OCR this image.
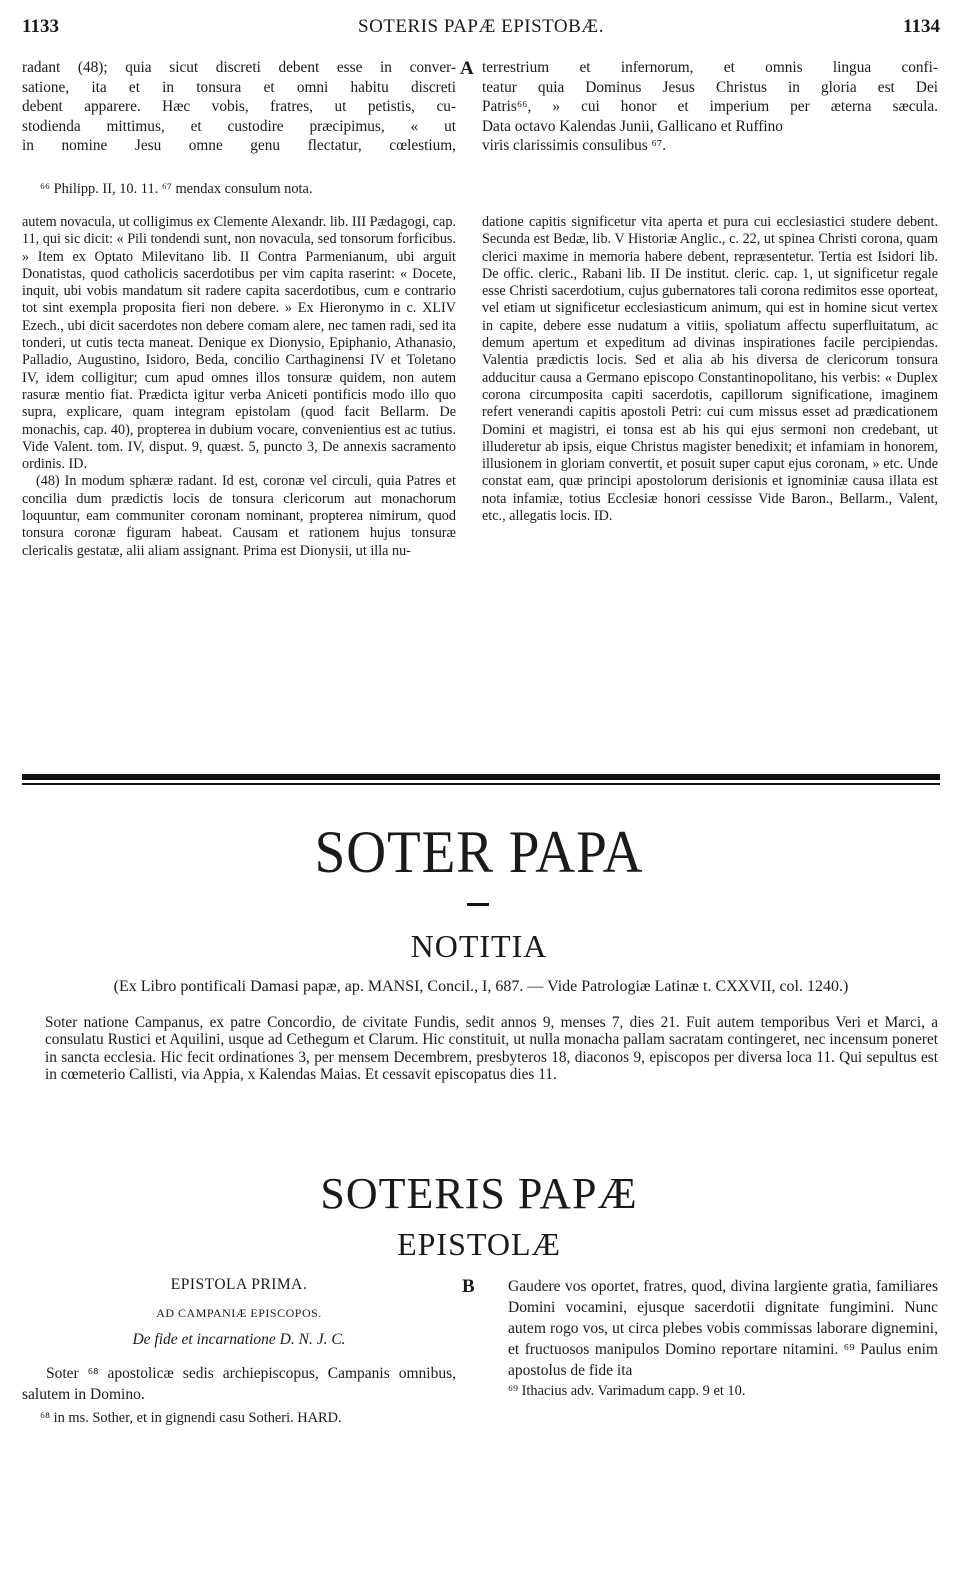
1133	SOTERIS PAPÆ EPISTOBÆ.	1134

radant (48); quia sicut discreti debent esse in conver-

satione, ita et in tonsura et omni habitu discreti

debent apparere. Hæc vobis, fratres, ut petistis, cu-

stodienda mittimus, et custodire præcipimus, « ut

in nomine Jesu omne genu flectatur, cœlestium,

A terrestrium et infernorum, et omnis lingua confi-

teatur quia Dominus Jesus Christus in gloria est Dei

Patris⁶⁶, » cui honor et imperium per æterna sæcula.

Data octavo Kalendas Junii, Gallicano et Ruffino

viris clarissimis consulibus ⁶⁷.

⁶⁶ Philipp. II, 10. 11. ⁶⁷ mendax consulum nota.

autem novacula, ut colligimus ex Clemente Alexandr. lib. III Pædagogi, cap. 11, qui sic dicit: « Pili tondendi sunt, non novacula, sed tonsorum forficibus. » Item ex Optato Milevitano lib. II Contra Parmenianum, ubi arguit Donatistas, quod catholicis sacerdotibus per vim capita raserint: « Docete, inquit, ubi vobis mandatum sit radere capita sacerdotibus, cum e contrario tot sint exempla proposita fieri non debere. » Ex Hieronymo in c. XLIV Ezech., ubi dicit sacerdotes non debere comam alere, nec tamen radi, sed ita tonderi, ut cutis tecta maneat. Denique ex Dionysio, Epiphanio, Athanasio, Palladio, Augustino, Isidoro, Beda, concilio Carthaginensi IV et Toletano IV, idem colligitur; cum apud omnes illos tonsuræ quidem, non autem rasuræ mentio fiat. Prædicta igitur verba Aniceti pontificis modo illo quo supra, explicare, quam integram epistolam (quod facit Bellarm. De monachis, cap. 40), propterea in dubium vocare, convenientius est ac tutius. Vide Valent. tom. IV, disput. 9, quæst. 5, puncto 3, De annexis sacramento ordinis. ID.

(48) In modum sphæræ radant. Id est, coronæ vel circuli, quia Patres et concilia dum prædictis locis de tonsura clericorum aut monachorum loquuntur, eam communiter coronam nominant, propterea nimirum, quod tonsura coronæ figuram habeat. Causam et rationem hujus tonsuræ clericalis gestatæ, alii aliam assignant. Prima est Dionysii, ut illa nu-

datione capitis significetur vita aperta et pura cui ecclesiastici studere debent. Secunda est Bedæ, lib. V Historiæ Anglic., c. 22, ut spinea Christi corona, quam clerici maxime in memoria habere debent, repræsentetur. Tertia est Isidori lib. De offic. cleric., Rabani lib. II De institut. cleric. cap. 1, ut significetur regale esse Christi sacerdotium, cujus gubernatores tali corona redimitos esse oporteat, vel etiam ut significetur ecclesiasticum animum, qui est in homine sicut vertex in capite, debere esse nudatum a vitiis, spoliatum affectu superfluitatum, ac demum apertum et expeditum ad divinas inspirationes facile percipiendas. Valentia prædictis locis. Sed et alia ab his diversa de clericorum tonsura adducitur causa a Germano episcopo Constantinopolitano, his verbis: « Duplex corona circumposita capiti sacerdotis, capillorum significatione, imaginem refert venerandi capitis apostoli Petri: cui cum missus esset ad prædicationem Domini et magistri, ei tonsa est ab his qui ejus sermoni non credebant, ut illuderetur ab ipsis, eique Christus magister benedixit; et infamiam in honorem, illusionem in gloriam convertit, et posuit super caput ejus coronam, » etc. Unde constat eam, quæ principi apostolorum derisionis et ignominiæ causa illata est nota infamiæ, totius Ecclesiæ honori cessisse Vide Baron., Bellarm., Valent, etc., allegatis locis. ID.

SOTER PAPA
NOTITIA
(Ex Libro pontificali Damasi papæ, ap. MANSI, Concil., I, 687. — Vide Patrologiæ Latinæ t. CXXVII, col. 1240.)
Soter natione Campanus, ex patre Concordio, de civitate Fundis, sedit annos 9, menses 7, dies 21. Fuit autem temporibus Veri et Marci, a consulatu Rustici et Aquilini, usque ad Cethegum et Clarum. Hic constituit, ut nulla monacha pallam sacratam contingeret, nec incensum poneret in sancta ecclesia. Hic fecit ordinationes 3, per mensem Decembrem, presbyteros 18, diaconos 9, episcopos per diversa loca 11. Qui sepultus est in cœmeterio Callisti, via Appia, x Kalendas Maias. Et cessavit episcopatus dies 11.
SOTERIS PAPÆ
EPISTOLÆ
EPISTOLA PRIMA.
AD CAMPANIÆ EPISCOPOS.
De fide et incarnatione D. N. J. C.
Soter ⁶⁸ apostolicæ sedis archiepiscopus, Campanis omnibus, salutem in Domino.
⁶⁸ in ms. Sother, et in gignendi casu Sotheri. HARD.
B Gaudere vos oportet, fratres, quod, divina largiente gratia, familiares Domini vocamini, ejusque sacerdotii dignitate fungimini. Nunc autem rogo vos, ut circa plebes vobis commissas laborare dignemini, et fructuosos manipulos Domino reportare nitamini. ⁶⁹ Paulus enim apostolus de fide ita
⁶⁹ Ithacius adv. Varimadum capp. 9 et 10.
